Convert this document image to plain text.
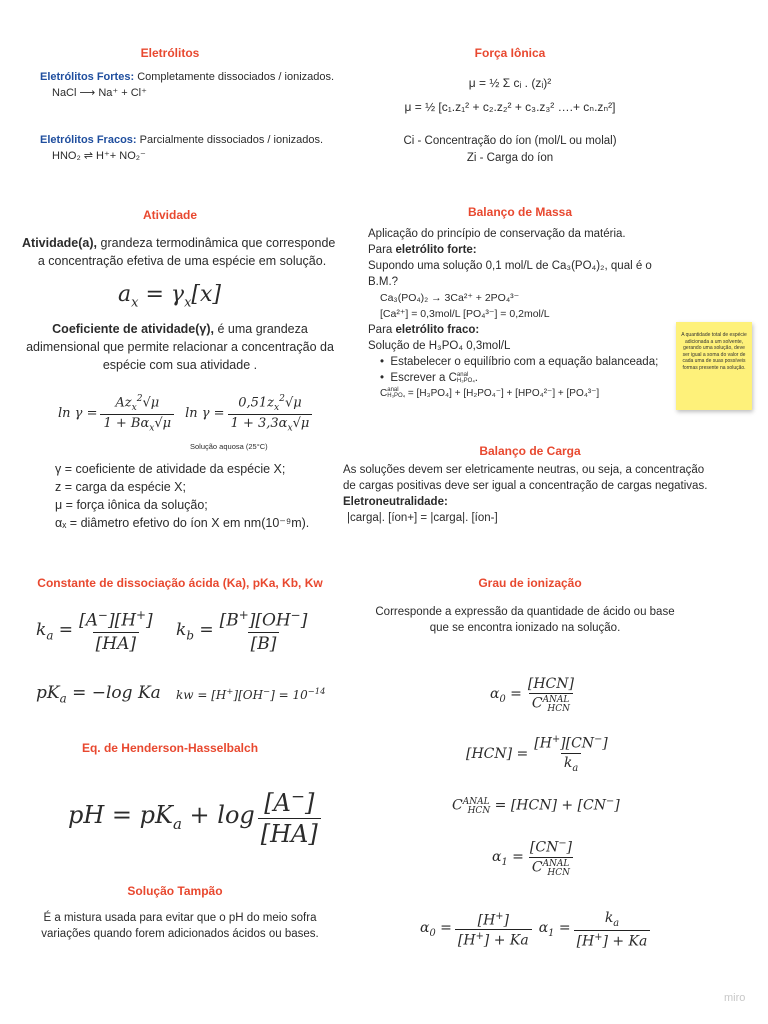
Eletrólitos
Eletrólitos Fortes: Completamente dissociados / ionizados.
NaCl ⟶ Na⁺ + Cl⁺
Eletrólitos Fracos: Parcialmente dissociados / ionizados.
HNO₂ ⇌ H⁺+ NO₂⁻
Força Iônica
μ = ½ Σ cᵢ . (zᵢ)²
μ = ½ [c₁.z₁² + c₂.z₂² + c₃.z₃² ….+ cₙ.zₙ²]
Ci - Concentração do íon (mol/L ou molal)
Zi - Carga do íon
Atividade
Atividade(a), grandeza termodinâmica que corresponde
a concentração efetiva de uma espécie em solução.
$a_x = \gamma_x[x]$
Coeficiente de atividade(γ), é uma grandeza
adimensional que permite relacionar a concentração da
espécie com sua atividade .
$\ln \gamma = \frac{Az_x^2√\mu}{1 + B\alpha_x√\mu}$ $\ln \gamma = \frac{0,51z_x^2√\mu}{1 + 3,3\alpha_x√\mu}$
Solução aquosa (25°C)
γ = coeficiente de atividade da espécie X;
z = carga da espécie X;
μ = força iônica da solução;
αₓ = diâmetro efetivo do íon X em nm(10⁻⁹m).
Balanço de Massa
Aplicação do princípio de conservação da matéria.
Para eletrólito forte:
Supondo uma solução 0,1 mol/L de Ca₃(PO₄)₂, qual é o B.M.?
Ca₃(PO₄)₂ → 3Ca²⁺ + 2PO₄³⁻
[Ca²⁺] = 0,3mol/L [PO₄³⁻] = 0,2mol/L
Para eletrólito fraco:
Solução de H₃PO₄ 0,3mol/L
•  Estabelecer o equilíbrio com a equação balanceada;
•  Escrever a C anal
H₃PO₄ .
C anal
H₃PO₄ = [H₃PO₄] + [H₂PO₄⁻] + [HPO₄²⁻] + [PO₄³⁻]
A quantidade total de espécie adicionada a um solvente, gerando uma solução, deve ser igual a soma do valor de cada uma de suas possíveis formas presente na solução.
Balanço de Carga
As soluções devem ser eletricamente neutras, ou seja, a concentração
de cargas positivas deve ser igual a concentração de cargas negativas.
Eletroneutralidade:
|carga|. [íon+] = |carga|. [íon-]
Constante de dissociação ácida (Ka), pKa, Kb, Kw
$k_a = \frac{[A^-][H^+]}{[HA]} k_b = \frac{[B^+][OH^-]}{[B]}$
$pK_a = -\log$ Ka kw = $[H^+][OH^-] = 10^{-14}$
Grau de ionização
Corresponde a expressão da quantidade de ácido ou base
que se encontra ionizado na solução.
$\alpha_0 = \frac{\text{[HCN]}}{C^{ANAL}_{HCN}}$
$[HCN] = \frac{[H^+][CN^-]}{k_a}$
$C^{ANAL}_{HCN} = [HCN] + [CN^-]$
$\alpha_1 = \frac{[CN^-]}{C^{ANAL}_{HCN}}$
$\alpha_0 = \frac{[H^+]}{[H^+] + Ka} \alpha_1 = \frac{k_a}{[H^+] + Ka}$
Eq. de Henderson-Hasselbalch
pH = $pK_a + \log \frac{[A^-]}{[HA]}$
Solução Tampão
É a mistura usada para evitar que o pH do meio sofra
variações quando forem adicionados ácidos ou bases.
miro
